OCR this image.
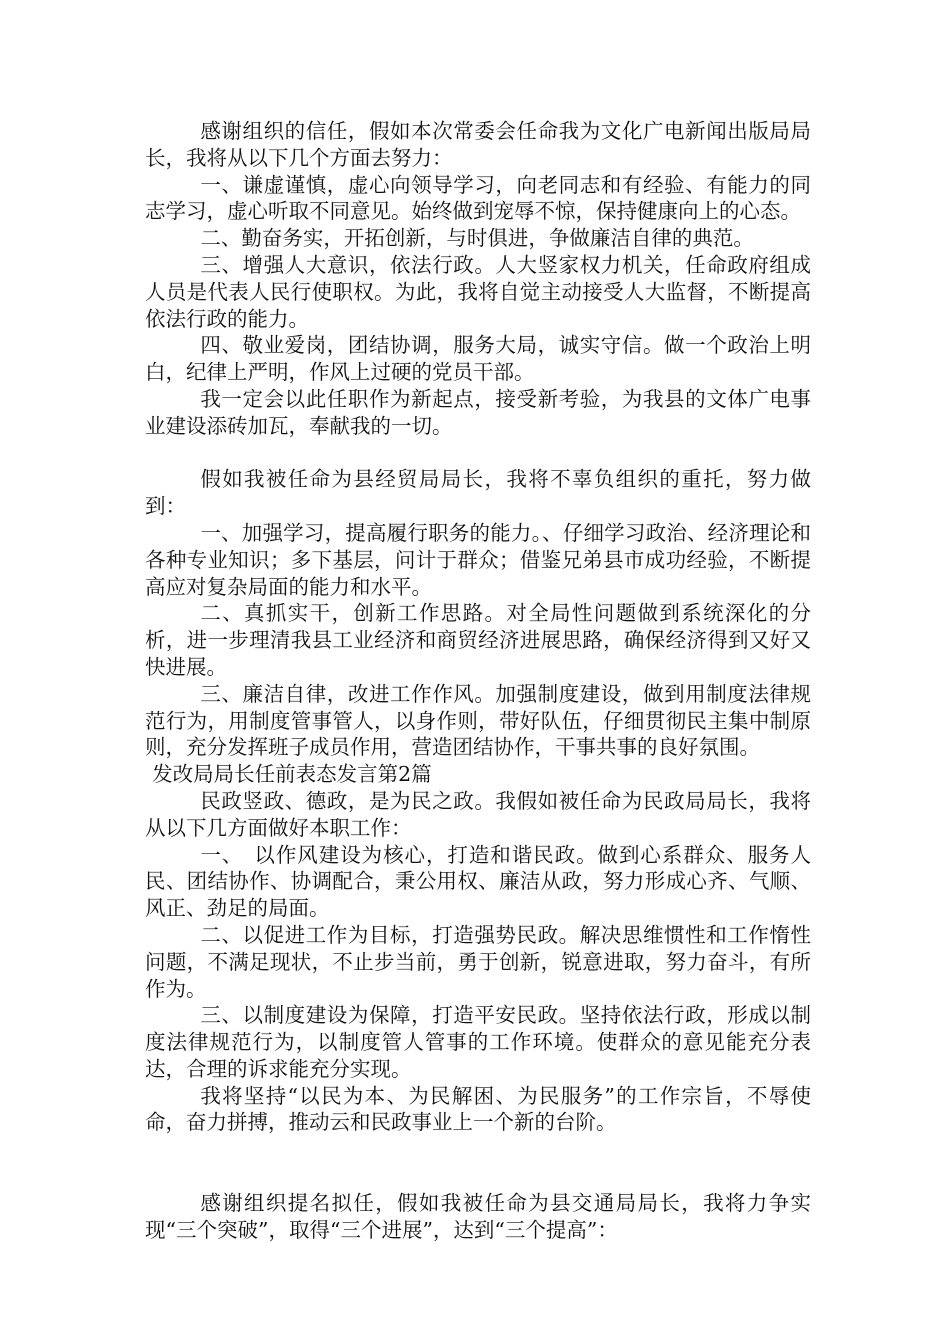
感谢组织的信任，假如本次常委会任命我为文化广电新闻出版局局长，我将从以下几个方面去努力：

一、谦虚谨慎，虚心向领导学习，向老同志和有经验、有能力的同志学习，虚心听取不同意见。始终做到宠辱不惊，保持健康向上的心态。

二、勤奋务实，开拓创新，与时俱进，争做廉洁自律的典范。

三、增强人大意识，依法行政。人大竖家权力机关，任命政府组成人员是代表人民行使职权。为此，我将自觉主动接受人大监督，不断提高依法行政的能力。

四、敬业爱岗，团结协调，服务大局，诚实守信。做一个政治上明白，纪律上严明，作风上过硬的党员干部。

我一定会以此任职作为新起点，接受新考验，为我县的文体广电事业建设添砖加瓦，奉献我的一切。

假如我被任命为县经贸局局长，我将不辜负组织的重托，努力做到：

一、加强学习，提高履行职务的能力。、仔细学习政治、经济理论和各种专业知识；多下基层，问计于群众；借鉴兄弟县市成功经验，不断提高应对复杂局面的能力和水平。

二、真抓实干，创新工作思路。对全局性问题做到系统深化的分析，进一步理清我县工业经济和商贸经济进展思路，确保经济得到又好又快进展。

三、廉洁自律，改进工作作风。加强制度建设，做到用制度法律规范行为，用制度管事管人，以身作则，带好队伍，仔细贯彻民主集中制原则，充分发挥班子成员作用，营造团结协作，干事共事的良好氛围。

发改局局长任前表态发言第2篇

民政竖政、德政，是为民之政。我假如被任命为民政局局长，我将从以下几方面做好本职工作：

一、　以作风建设为核心，打造和谐民政。做到心系群众、服务人民、团结协作、协调配合，秉公用权、廉洁从政，努力形成心齐、气顺、风正、劲足的局面。

二、以促进工作为目标，打造强势民政。解决思维惯性和工作惰性问题，不满足现状，不止步当前，勇于创新，锐意进取，努力奋斗，有所作为。

三、以制度建设为保障，打造平安民政。坚持依法行政，形成以制度法律规范行为，以制度管人管事的工作环境。使群众的意见能充分表达，合理的诉求能充分实现。

我将坚持“以民为本、为民解困、为民服务”的工作宗旨，不辱使命，奋力拼搏，推动云和民政事业上一个新的台阶。

感谢组织提名拟任，假如我被任命为县交通局局长，我将力争实现“三个突破”，取得“三个进展”，达到“三个提高”：
